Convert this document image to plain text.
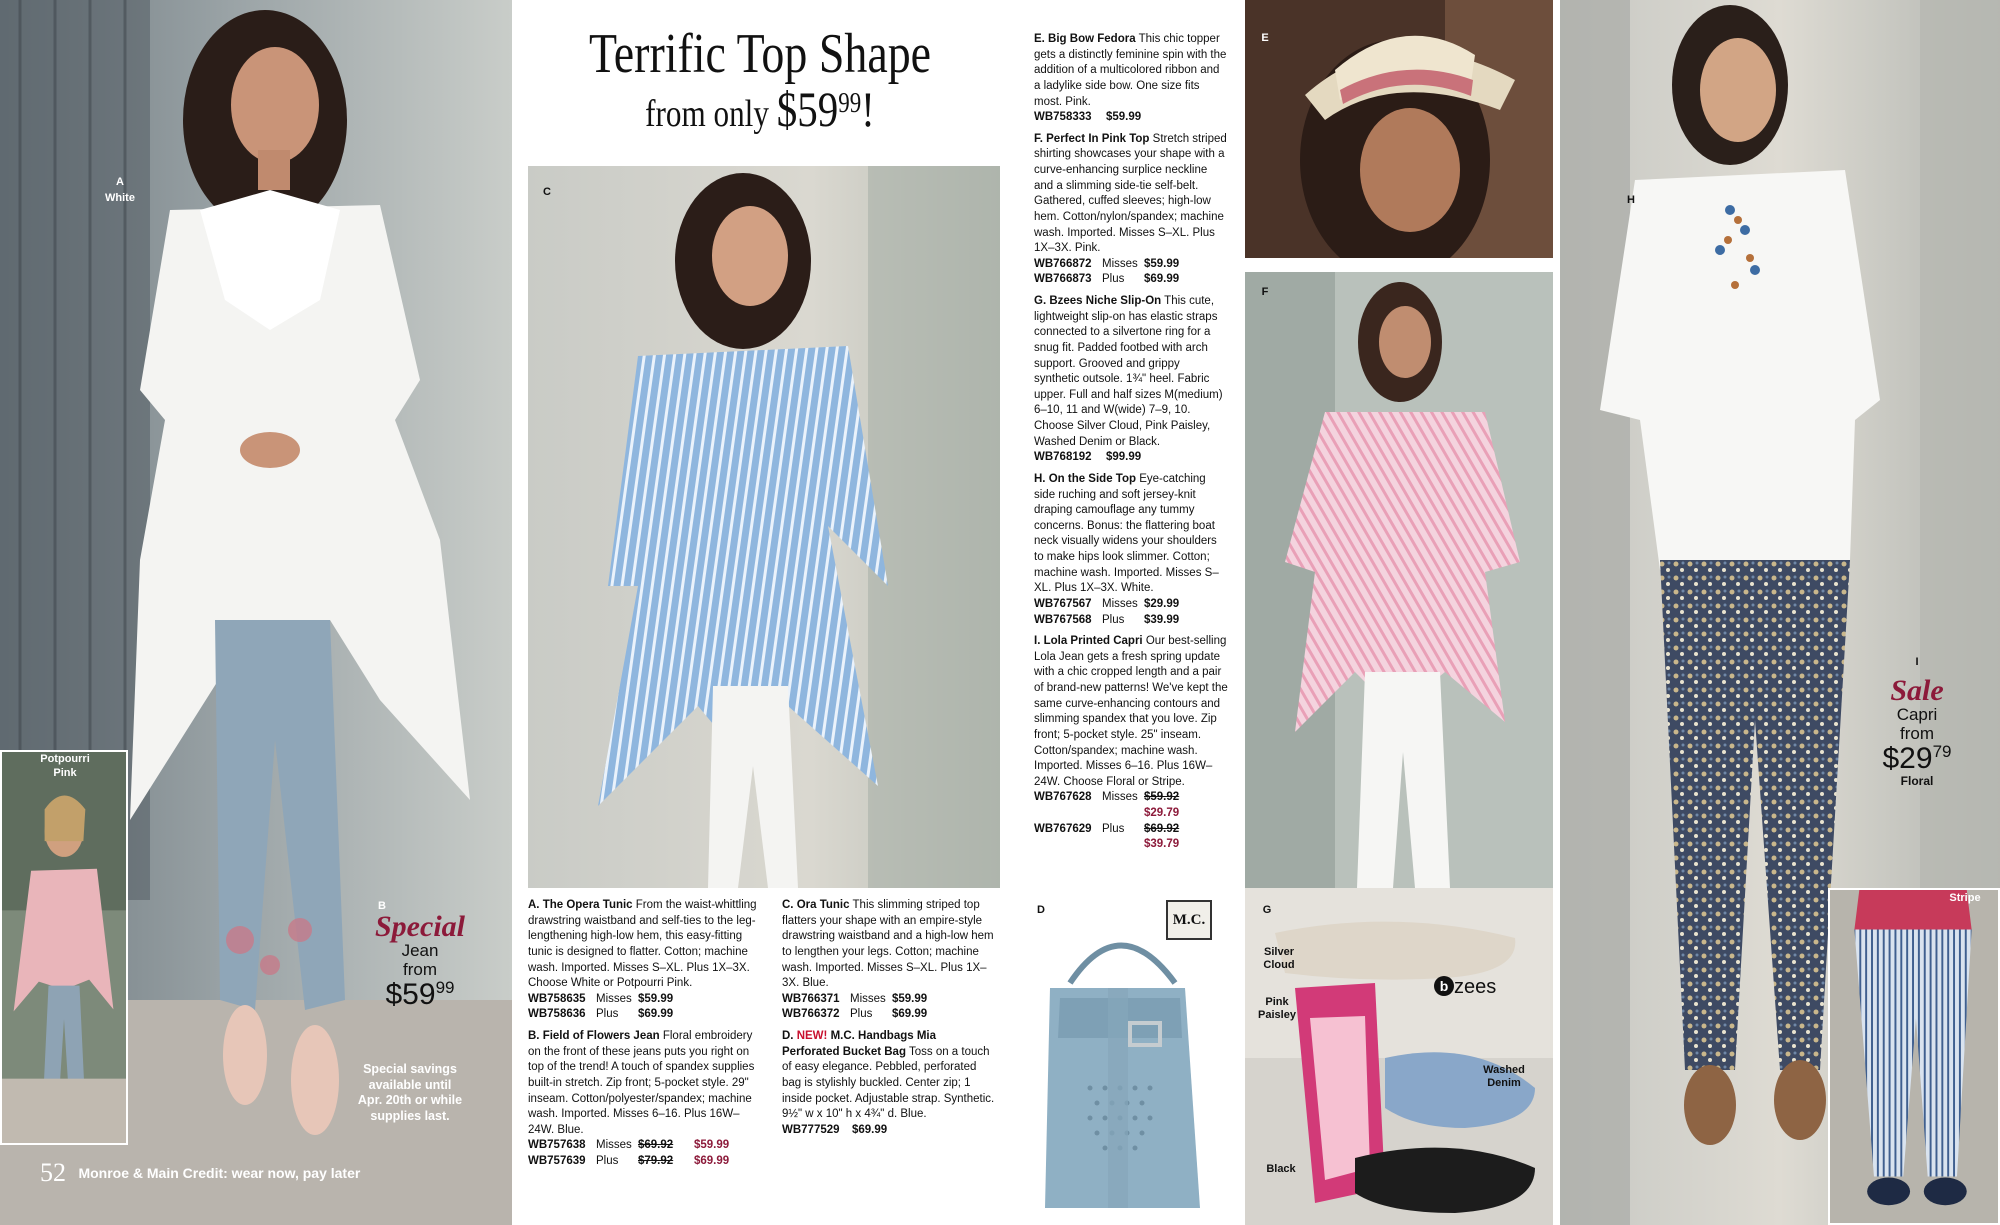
A
White
Potpourri
Pink
B
Special
Jean
from
$\$59^{99}$
Special savings
available until
Apr. 20th or while
supplies last.
52 Monroe & Main Credit: wear now, pay later
Terrific Top Shape
from only $\$59^{99}$!
C
A. The Opera Tunic From the waist-whittling drawstring waistband and self-ties to the leg-lengthening high-low hem, this easy-fitting tunic is designed to flatter. Cotton; machine wash. Imported. Misses S–XL. Plus 1X–3X. Choose White or Potpourri Pink.
WB758635 Misses $59.99
WB758636 Plus	$69.99
B. Field of Flowers Jean Floral embroidery on the front of these jeans puts you right on top of the trend! A touch of spandex supplies built-in stretch. Zip front; 5-pocket style. 29" inseam. Cotton/polyester/spandex; machine wash. Imported. Misses 6–16. Plus 16W–24W. Blue.
WB757638 Misses $69.92	$59.99
WB757639 Plus	$79.92	$69.99
C. Ora Tunic This slimming striped top flatters your shape with an empire-style drawstring waistband and a high-low hem to lengthen your legs. Cotton; machine wash. Imported. Misses S–XL. Plus 1X–3X. Blue.
WB766371 Misses $59.99
WB766372 Plus	$69.99
D. NEW! M.C. Handbags Mia Perforated Bucket Bag Toss on a touch of easy elegance. Pebbled, perforated bag is stylishly buckled. Center zip; 1 inside pocket. Adjustable strap. Synthetic. 9½" w x 10" h x 4¾" d. Blue.
WB777529	$69.99
E. Big Bow Fedora This chic topper gets a distinctly feminine spin with the addition of a multicolored ribbon and a ladylike side bow. One size fits most. Pink.
WB758333	$59.99
F. Perfect In Pink Top Stretch striped shirting showcases your shape with a curve-enhancing surplice neckline and a slimming side-tie self-belt. Gathered, cuffed sleeves; high-low hem. Cotton/nylon/spandex; machine wash. Imported. Misses S–XL. Plus 1X–3X. Pink.
WB766872 Misses $59.99
WB766873 Plus	$69.99
G. Bzees Niche Slip-On This cute, lightweight slip-on has elastic straps connected to a silvertone ring for a snug fit. Padded footbed with arch support. Grooved and grippy synthetic outsole. 1¾" heel. Fabric upper. Full and half sizes M(medium) 6–10, 11 and W(wide) 7–9, 10. Choose Silver Cloud, Pink Paisley, Washed Denim or Black.
WB768192	$99.99
H. On the Side Top Eye-catching side ruching and soft jersey-knit draping camouflage any tummy concerns. Bonus: the flattering boat neck visually widens your shoulders to make hips look slimmer. Cotton; machine wash. Imported. Misses S–XL. Plus 1X–3X. White.
WB767567 Misses $29.99
WB767568 Plus	$39.99
I. Lola Printed Capri Our best-selling Lola Jean gets a fresh spring update with a chic cropped length and a pair of brand-new patterns! We've kept the same curve-enhancing contours and slimming spandex that you love. Zip front; 5-pocket style. 25" inseam. Cotton/spandex; machine wash. Imported. Misses 6–16. Plus 16W–24W. Choose Floral or Stripe.
WB767628 Misses $59.92
$29.79
WB767629 Plus	$69.92
$39.79
E
F
D
M.C.
G
Silver
Cloud
Pink
Paisley
Washed
Denim
Black
b zees
H
I
Stripe
Sale
Capri
from
$\$29^{79}$
Floral
